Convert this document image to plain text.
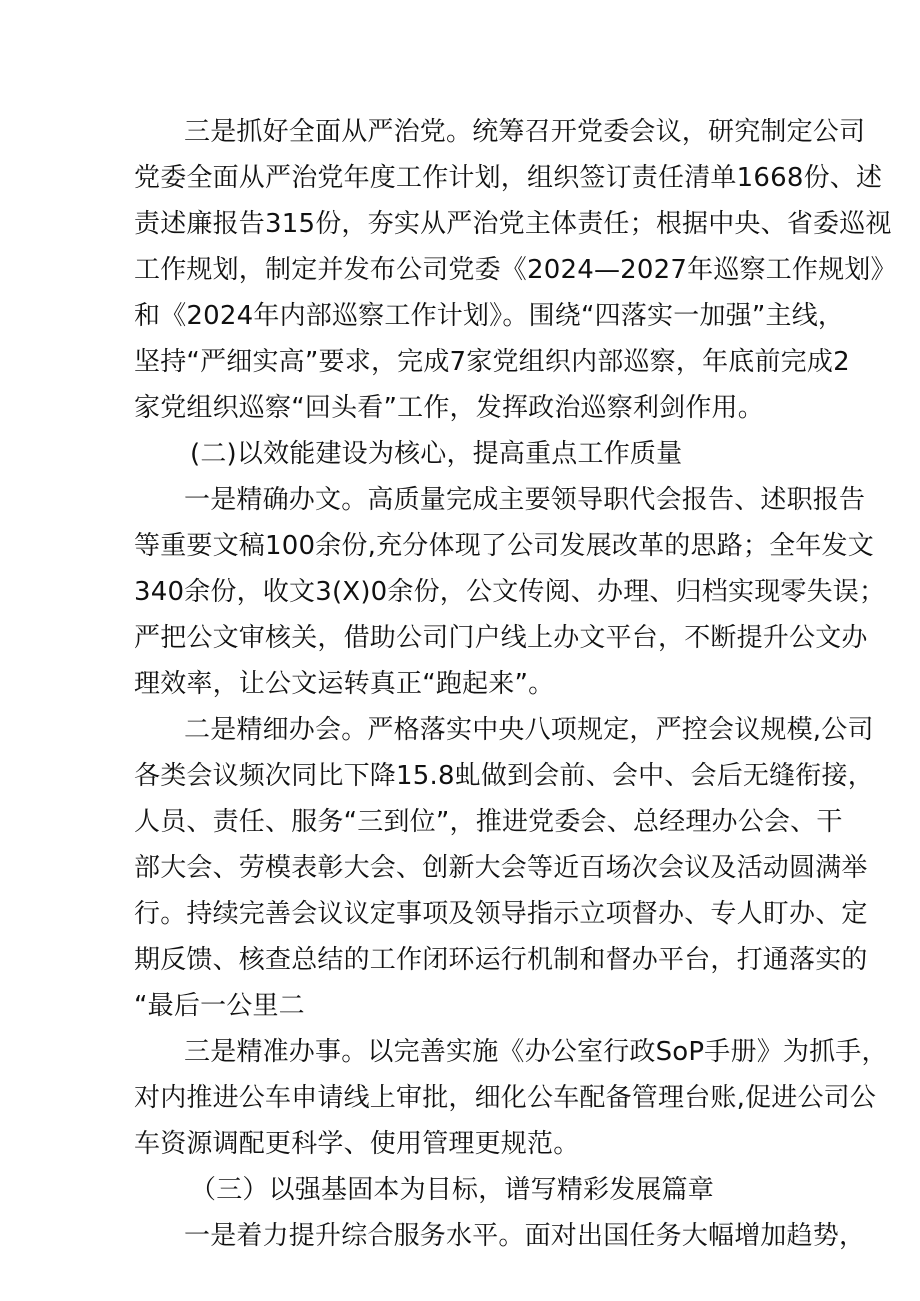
三是抓好全面从严治党。统筹召开党委会议，研究制定公司

党委全面从严治党年度工作计划，组织签订责任清单1668份、述

责述廉报告315份，夯实从严治党主体责任；根据中央、省委巡视

工作规划，制定并发布公司党委《2024—2027年巡察工作规划》

和《2024年内部巡察工作计划》。围绕“四落实一加强”主线，

坚持“严细实高”要求，完成7家党组织内部巡察，年底前完成2

家党组织巡察“回头看”工作，发挥政治巡察利剑作用。

(二)以效能建设为核心，提高重点工作质量

一是精确办文。高质量完成主要领导职代会报告、述职报告

等重要文稿100余份,充分体现了公司发展改革的思路；全年发文

340余份，收文3(X)0余份，公文传阅、办理、归档实现零失误；

严把公文审核关，借助公司门户线上办文平台，不断提升公文办

理效率，让公文运转真正“跑起来”。

二是精细办会。严格落实中央八项规定，严控会议规模,公司

各类会议频次同比下降15.8虬做到会前、会中、会后无缝衔接，

人员、责任、服务“三到位”，推进党委会、总经理办公会、干

部大会、劳模表彰大会、创新大会等近百场次会议及活动圆满举

行。持续完善会议议定事项及领导指示立项督办、专人盯办、定

期反馈、核查总结的工作闭环运行机制和督办平台，打通落实的

“最后一公里二

三是精准办事。以完善实施《办公室行政SoP手册》为抓手，

对内推进公车申请线上审批，细化公车配备管理台账,促进公司公

车资源调配更科学、使用管理更规范。

（三）以强基固本为目标，谱写精彩发展篇章

一是着力提升综合服务水平。面对出国任务大幅增加趋势，
